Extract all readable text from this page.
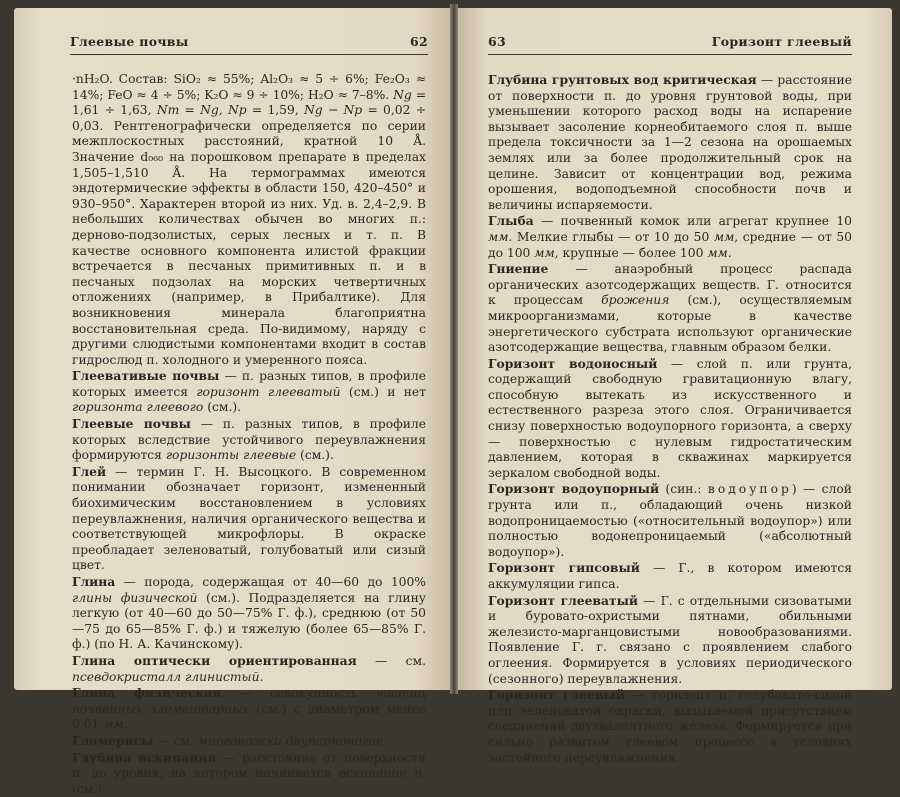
Глеевые почвы	62

·nH₂O. Состав: SiO₂ ≈ 55%; Al₂O₃ ≈ 5 ÷ 6%; Fe₂O₃ ≈ 14%; FeO ≈ 4 ÷ 5%; K₂O ≈ 9 ÷ 10%; H₂O ≈ 7–8%. Ng = 1,61 ÷ 1,63, Nm = Ng, Np = 1,59, Ng − Np = 0,02 ÷ 0,03. Рентгенографически определяется по серии межплоскостных расстояний, кратной 10 Å. Значение d₀₆₀ на порошковом препарате в пределах 1,505–1,510 Å. На термограммах имеются эндотермические эффекты в области 150, 420–450° и 930–950°. Характерен второй из них. Уд. в. 2,4–2,9. В небольших количествах обычен во многих п.: дерново-подзолистых, серых лесных и т. п. В качестве основного компонента илистой фракции встречается в песчаных примитивных п. и в песчаных подзолах на морских четвертичных отложениях (например, в Прибалтике). Для возникновения минерала благоприятна восстановительная среда. По-видимому, наряду с другими слюдистыми компонентами входит в состав гидрослюд п. холодного и умеренного пояса.

Глеевативые почвы — п. разных типов, в профиле которых имеется горизонт глееватый (см.) и нет горизонта глеевого (см.).

Глеевые почвы — п. разных типов, в профиле которых вследствие устойчивого переувлажнения формируются горизонты глеевые (см.).

Глей — термин Г. Н. Высоцкого. В современном понимании обозначает горизонт, измененный биохимическим восстановлением в условиях переувлажнения, наличия органического вещества и соответствующей микрофлоры. В окраске преобладает зеленоватый, голубоватый или сизый цвет.

Глина — порода, содержащая от 40—60 до 100% глины физической (см.). Подразделяется на глину легкую (от 40—60 до 50—75% Г. ф.), среднюю (от 50—75 до 65—85% Г. ф.) и тяжелую (более 65—85% Г. ф.) (по Н. А. Качинскому).

Глина оптически ориентированная — см. псевдокристалл глинистый.

Глина физическая — совокупность частиц почвенных элементарных (см.) с диаметром менее 0,01 мм.

Гломерисы — см. многоножки двупарноногие.

Глубина вскипания — расстояние от поверхности п. до уровня, на котором начинается вскипание п. (см.).

63	Горизонт глеевый

Глубина грунтовых вод критическая — расстояние от поверхности п. до уровня грунтовой воды, при уменьшении которого расход воды на испарение вызывает засоление корнеобитаемого слоя п. выше предела токсичности за 1—2 сезона на орошаемых землях или за более продолжительный срок на целине. Зависит от концентрации вод, режима орошения, водоподъемной способности почв и величины испаряемости.

Глыба — почвенный комок или агрегат крупнее 10 мм. Мелкие глыбы — от 10 до 50 мм, средние — от 50 до 100 мм, крупные — более 100 мм.

Гниение — анаэробный процесс распада органических азотсодержащих веществ. Г. относится к процессам брожения (см.), осуществляемым микроорганизмами, которые в качестве энергетического субстрата используют органические азотсодержащие вещества, главным образом белки.

Горизонт водоносный — слой п. или грунта, содержащий свободную гравитационную влагу, способную вытекать из искусственного и естественного разреза этого слоя. Ограничивается снизу поверхностью водоупорного горизонта, а сверху — поверхностью с нулевым гидростатическим давлением, которая в скважинах маркируется зеркалом свободной воды.

Горизонт водоупорный (син.: водоупор) — слой грунта или п., обладающий очень низкой водопроницаемостью («относительный водоупор») или полностью водонепроницаемый («абсолютный водоупор»).

Горизонт гипсовый — Г., в котором имеются аккумуляции гипса.

Горизонт глееватый — Г. с отдельными сизоватыми и буровато-охристыми пятнами, обильными железисто-марганцовистыми новообразованиями. Появление Г. г. связано с проявлением слабого оглеения. Формируется в условиях периодического (сезонного) переувлажнения.

Горизонт глеевый — горизонт п. голубовато-сизой или зеленоватой окраски, вызываемой присутствием соединений двухвалентного железа. Формируется при сильно развитом глеевом процессе в условиях застойного переувлажнения.
